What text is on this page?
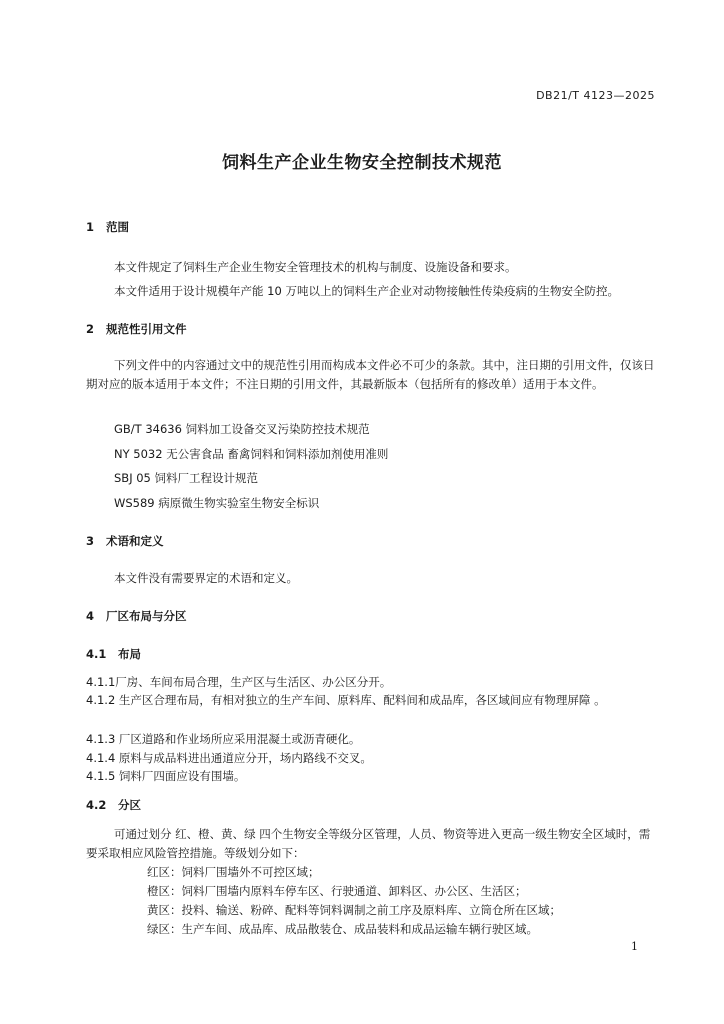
DB21/T 4123—2025
饲料生产企业生物安全控制技术规范
1 范围
本文件规定了饲料生产企业生物安全管理技术的机构与制度、设施设备和要求。
本文件适用于设计规模年产能 10 万吨以上的饲料生产企业对动物接触性传染疫病的生物安全防控。
2 规范性引用文件
下列文件中的内容通过文中的规范性引用而构成本文件必不可少的条款。其中，注日期的引用文件，仅该日期对应的版本适用于本文件；不注日期的引用文件，其最新版本（包括所有的修改单）适用于本文件。
GB/T 34636 饲料加工设备交叉污染防控技术规范
NY 5032 无公害食品 畜禽饲料和饲料添加剂使用准则
SBJ 05 饲料厂工程设计规范
WS589 病原微生物实验室生物安全标识
3 术语和定义
本文件没有需要界定的术语和定义。
4 厂区布局与分区
4.1 布局
4.1.1厂房、车间布局合理，生产区与生活区、办公区分开。
4.1.2 生产区合理布局，有相对独立的生产车间、原料库、配料间和成品库，各区域间应有物理屏障 。
4.1.3 厂区道路和作业场所应采用混凝土或沥青硬化。
4.1.4 原料与成品料进出通道应分开，场内路线不交叉。
4.1.5 饲料厂四面应设有围墙。
4.2 分区
可通过划分 红、橙、黄、绿 四个生物安全等级分区管理，人员、物资等进入更高一级生物安全区域时，需要采取相应风险管控措施。等级划分如下：
红区：饲料厂围墙外不可控区域；
橙区：饲料厂围墙内原料车停车区、行驶通道、卸料区、办公区、生活区；
黄区：投料、输送、粉碎、配料等饲料调制之前工序及原料库、立筒仓所在区域；
绿区：生产车间、成品库、成品散装仓、成品装料和成品运输车辆行驶区域。
1
